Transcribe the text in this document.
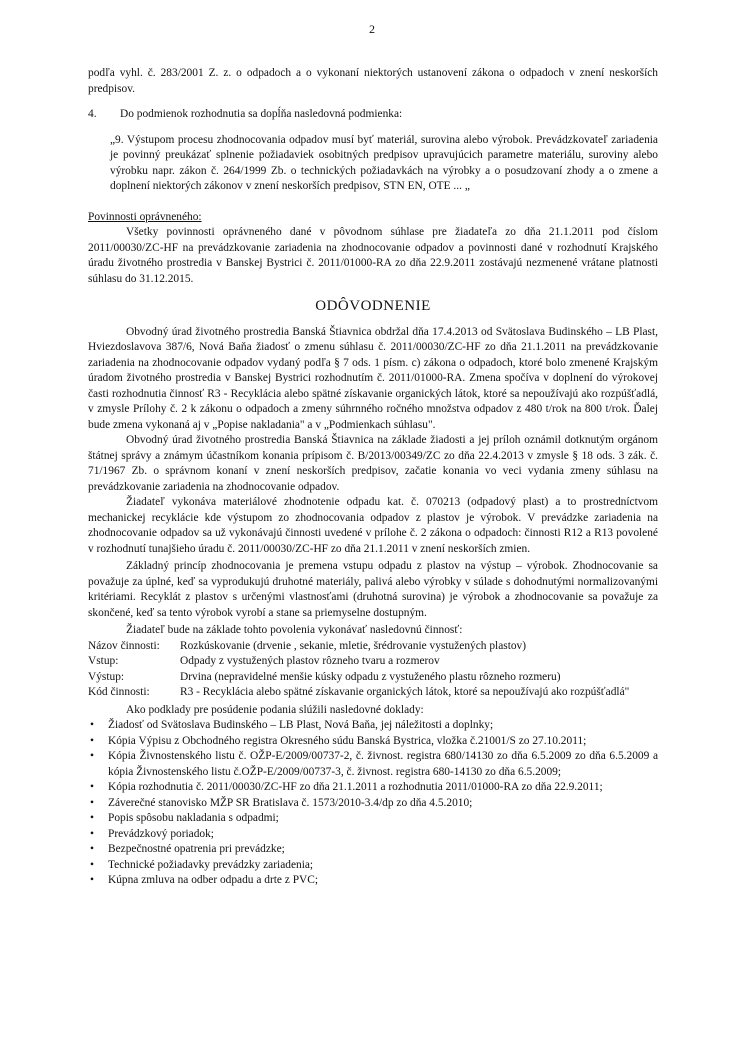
2

podľa vyhl. č. 283/2001 Z. z. o odpadoch a o vykonaní niektorých ustanovení zákona o odpadoch v znení neskorších predpisov.

4.	Do podmienok rozhodnutia sa dopĺňa nasledovná podmienka:

„9. Výstupom procesu zhodnocovania odpadov musí byť materiál, surovina alebo výrobok. Prevádzkovateľ zariadenia je povinný preukázať splnenie požiadaviek osobitných predpisov upravujúcich parametre materiálu, suroviny alebo výrobku napr. zákon č. 264/1999 Zb. o technických požiadavkách na výrobky a o posudzovaní zhody a o zmene a doplnení niektorých zákonov v znení neskorších predpisov, STN EN, OTE ... „

Povinnosti oprávneného:

Všetky povinnosti oprávneného dané v pôvodnom súhlase pre žiadateľa zo dňa 21.1.2011 pod číslom 2011/00030/ZC-HF na prevádzkovanie zariadenia na zhodnocovanie odpadov a povinnosti dané v rozhodnutí Krajského úradu životného prostredia v Banskej Bystrici č. 2011/01000-RA zo dňa 22.9.2011 zostávajú nezmenené vrátane platnosti súhlasu do 31.12.2015.

ODÔVODNENIE

Obvodný úrad životného prostredia Banská Štiavnica obdržal dňa 17.4.2013 od Svätoslava Budinského – LB Plast, Hviezdoslavova 387/6, Nová Baňa žiadosť o zmenu súhlasu č. 2011/00030/ZC-HF zo dňa 21.1.2011 na prevádzkovanie zariadenia na zhodnocovanie odpadov vydaný podľa § 7 ods. 1 písm. c) zákona o odpadoch, ktoré bolo zmenené Krajským úradom životného prostredia v Banskej Bystrici rozhodnutím č. 2011/01000-RA. Zmena spočíva v doplnení do výrokovej časti rozhodnutia činnosť R3 - Recyklácia alebo spätné získavanie organických látok, ktoré sa nepoužívajú ako rozpúšťadlá, v zmysle Prílohy č. 2 k zákonu o odpadoch a zmeny súhrnného ročného množstva odpadov z 480 t/rok na 800 t/rok. Ďalej bude zmena vykonaná aj v „Popise nakladania" a v „Podmienkach súhlasu".

Obvodný úrad životného prostredia Banská Štiavnica na základe žiadosti a jej príloh oznámil dotknutým orgánom štátnej správy a známym účastníkom konania prípisom č. B/2013/00349/ZC zo dňa 22.4.2013 v zmysle § 18 ods. 3 zák. č. 71/1967 Zb. o správnom konaní v znení neskorších predpisov, začatie konania vo veci vydania zmeny súhlasu na prevádzkovanie zariadenia na zhodnocovanie odpadov.

Žiadateľ vykonáva materiálové zhodnotenie odpadu kat. č. 070213 (odpadový plast) a to prostredníctvom mechanickej recyklácie kde výstupom zo zhodnocovania odpadov z plastov je výrobok. V prevádzke zariadenia na zhodnocovanie odpadov sa už vykonávajú činnosti uvedené v prílohe č. 2 zákona o odpadoch: činnosti R12 a R13 povolené v rozhodnutí tunajšieho úradu č. 2011/00030/ZC-HF zo dňa 21.1.2011 v znení neskorších zmien.

Základný princíp zhodnocovania je premena vstupu odpadu z plastov na výstup – výrobok. Zhodnocovanie sa považuje za úplné, keď sa vyprodukujú druhotné materiály, palivá alebo výrobky v súlade s dohodnutými normalizovanými kritériami. Recyklát z plastov s určenými vlastnosťami (druhotná surovina) je výrobok a zhodnocovanie sa považuje za skončené, keď sa tento výrobok vyrobí a stane sa priemyselne dostupným.

Žiadateľ bude na základe tohto povolenia vykonávať nasledovnú činnosť:

Názov činnosti:	Rozkúskovanie (drvenie , sekanie, mletie, šrédrovanie vystužených plastov)
Vstup:	Odpady z vystužených plastov rôzneho tvaru a rozmerov
Výstup:	Drvina (nepravidelné menšie kúsky odpadu z vystuženého plastu rôzneho rozmeru)
Kód činnosti:	R3 - Recyklácia alebo spätné získavanie organických látok, ktoré sa nepoužívajú ako rozpúšťadlá"

Ako podklady pre posúdenie podania slúžili nasledovné doklady:

•	Žiadosť od Svätoslava Budinského – LB Plast, Nová Baňa, jej náležitosti a doplnky;
•	Kópia Výpisu z Obchodného registra Okresného súdu Banská Bystrica, vložka č.21001/S zo 27.10.2011;
•	Kópia Živnostenského listu č. OŽP-E/2009/00737-2, č. živnost. registra 680/14130 zo dňa 6.5.2009 zo dňa 6.5.2009 a kópia Živnostenského listu č.OŽP-E/2009/00737-3, č. živnost. registra 680-14130 zo dňa 6.5.2009;
•	Kópia rozhodnutia č. 2011/00030/ZC-HF zo dňa 21.1.2011 a rozhodnutia 2011/01000-RA zo dňa 22.9.2011;
•	Záverečné stanovisko MŽP SR Bratislava č. 1573/2010-3.4/dp zo dňa 4.5.2010;
•	Popis spôsobu nakladania s odpadmi;
•	Prevádzkový poriadok;
•	Bezpečnostné opatrenia pri prevádzke;
•	Technické požiadavky prevádzky zariadenia;
•	Kúpna zmluva na odber odpadu a drte z PVC;
